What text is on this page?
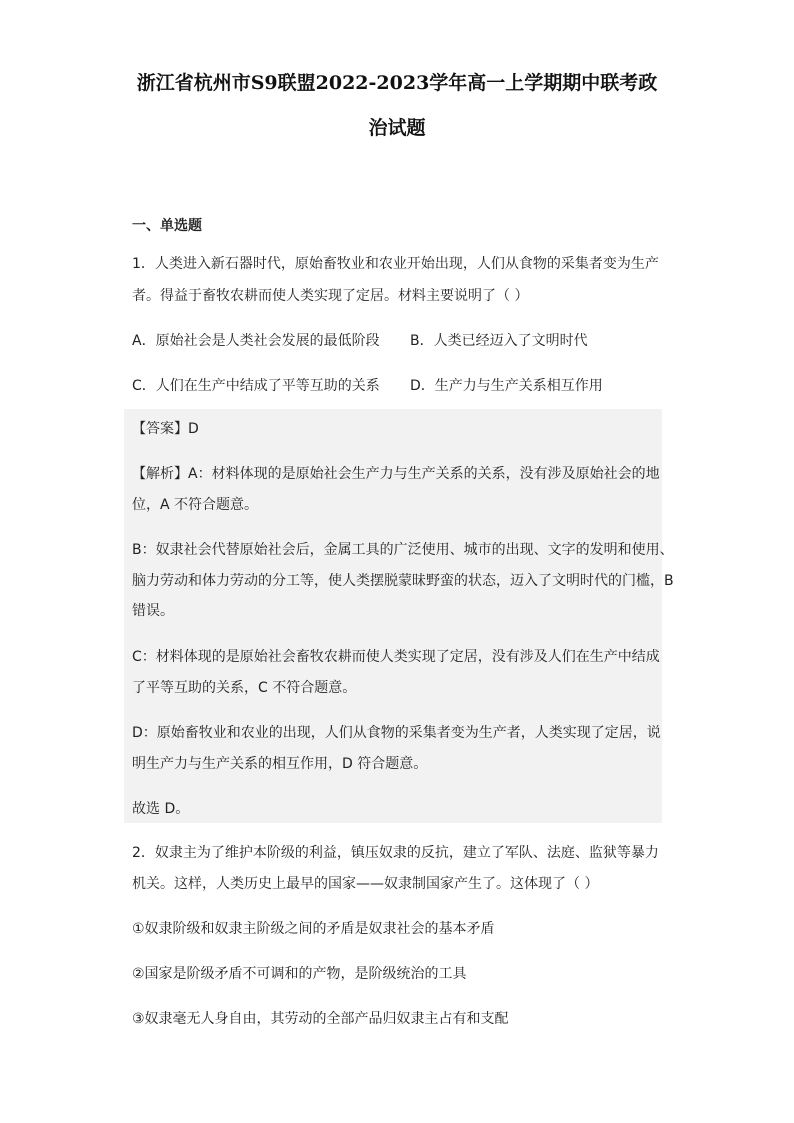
浙江省杭州市S9联盟2022-2023学年高一上学期期中联考政
治试题
一、单选题
1．人类进入新石器时代，原始畜牧业和农业开始出现，人们从食物的采集者变为生产
者。得益于畜牧农耕而使人类实现了定居。材料主要说明了（ ）
A．原始社会是人类社会发展的最低阶段 B．人类已经迈入了文明时代
C．人们在生产中结成了平等互助的关系 D．生产力与生产关系相互作用
【答案】D
【解析】A：材料体现的是原始社会生产力与生产关系的关系，没有涉及原始社会的地
位，A 不符合题意。
B：奴隶社会代替原始社会后，金属工具的广泛使用、城市的出现、文字的发明和使用、
脑力劳动和体力劳动的分工等，使人类摆脱蒙昧野蛮的状态，迈入了文明时代的门槛，B
错误。
C：材料体现的是原始社会畜牧农耕而使人类实现了定居，没有涉及人们在生产中结成
了平等互助的关系，C 不符合题意。
D：原始畜牧业和农业的出现，人们从食物的采集者变为生产者，人类实现了定居，说
明生产力与生产关系的相互作用，D 符合题意。
故选 D。
2．奴隶主为了维护本阶级的利益，镇压奴隶的反抗，建立了军队、法庭、监狱等暴力
机关。这样，人类历史上最早的国家——奴隶制国家产生了。这体现了（ ）
①奴隶阶级和奴隶主阶级之间的矛盾是奴隶社会的基本矛盾
②国家是阶级矛盾不可调和的产物，是阶级统治的工具
③奴隶毫无人身自由，其劳动的全部产品归奴隶主占有和支配
